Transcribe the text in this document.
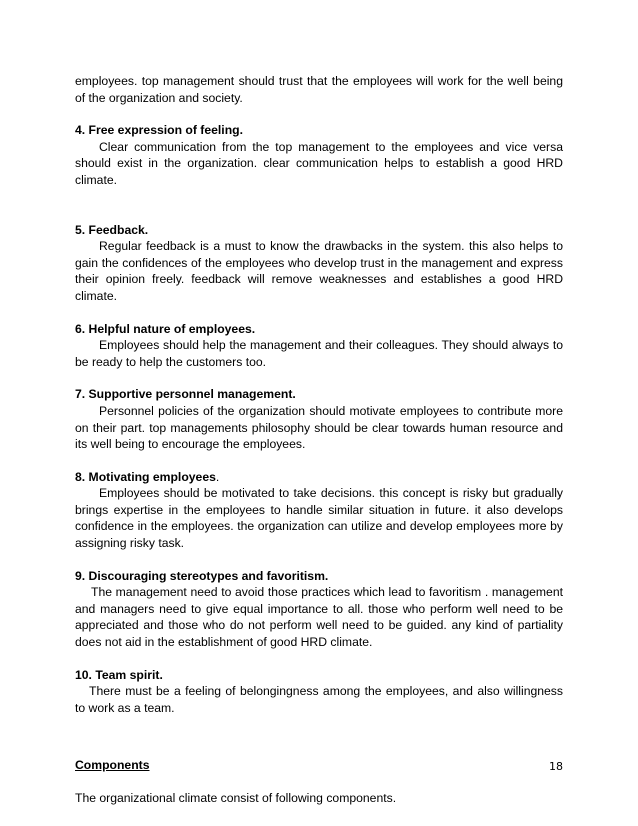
employees. top management should trust that the employees will work for the well being of the organization and society.

4. Free expression of feeling.

Clear communication from the top management to the employees and vice versa should exist in the organization. clear communication helps to establish a good HRD climate.

5. Feedback.

Regular feedback is a must to know the drawbacks in the system. this also helps to gain the confidences of the employees who develop trust in the management and express their opinion freely. feedback will remove weaknesses and establishes a good HRD climate.

6. Helpful nature of employees.

Employees should help the management and their colleagues. They should always to be ready to help the customers too.

7. Supportive personnel management.

Personnel policies of the organization should motivate employees to contribute more on their part. top managements philosophy should be clear towards human resource and its well being to encourage the employees.

8. Motivating employees.

Employees should be motivated to take decisions. this concept is risky but gradually brings expertise in the employees to handle similar situation in future. it also develops confidence in the employees. the organization can utilize and develop employees more by assigning risky task.

9. Discouraging stereotypes and favoritism.

The management need to avoid those practices which lead to favoritism . management and managers need to give equal importance to all. those who perform well need to be appreciated and those who do not perform well need to be guided. any kind of partiality does not aid in the establishment of good HRD climate.

10. Team spirit.

There must be a feeling of belongingness among the employees, and also willingness to work as a team.

Components

The organizational climate consist of following components.

18
